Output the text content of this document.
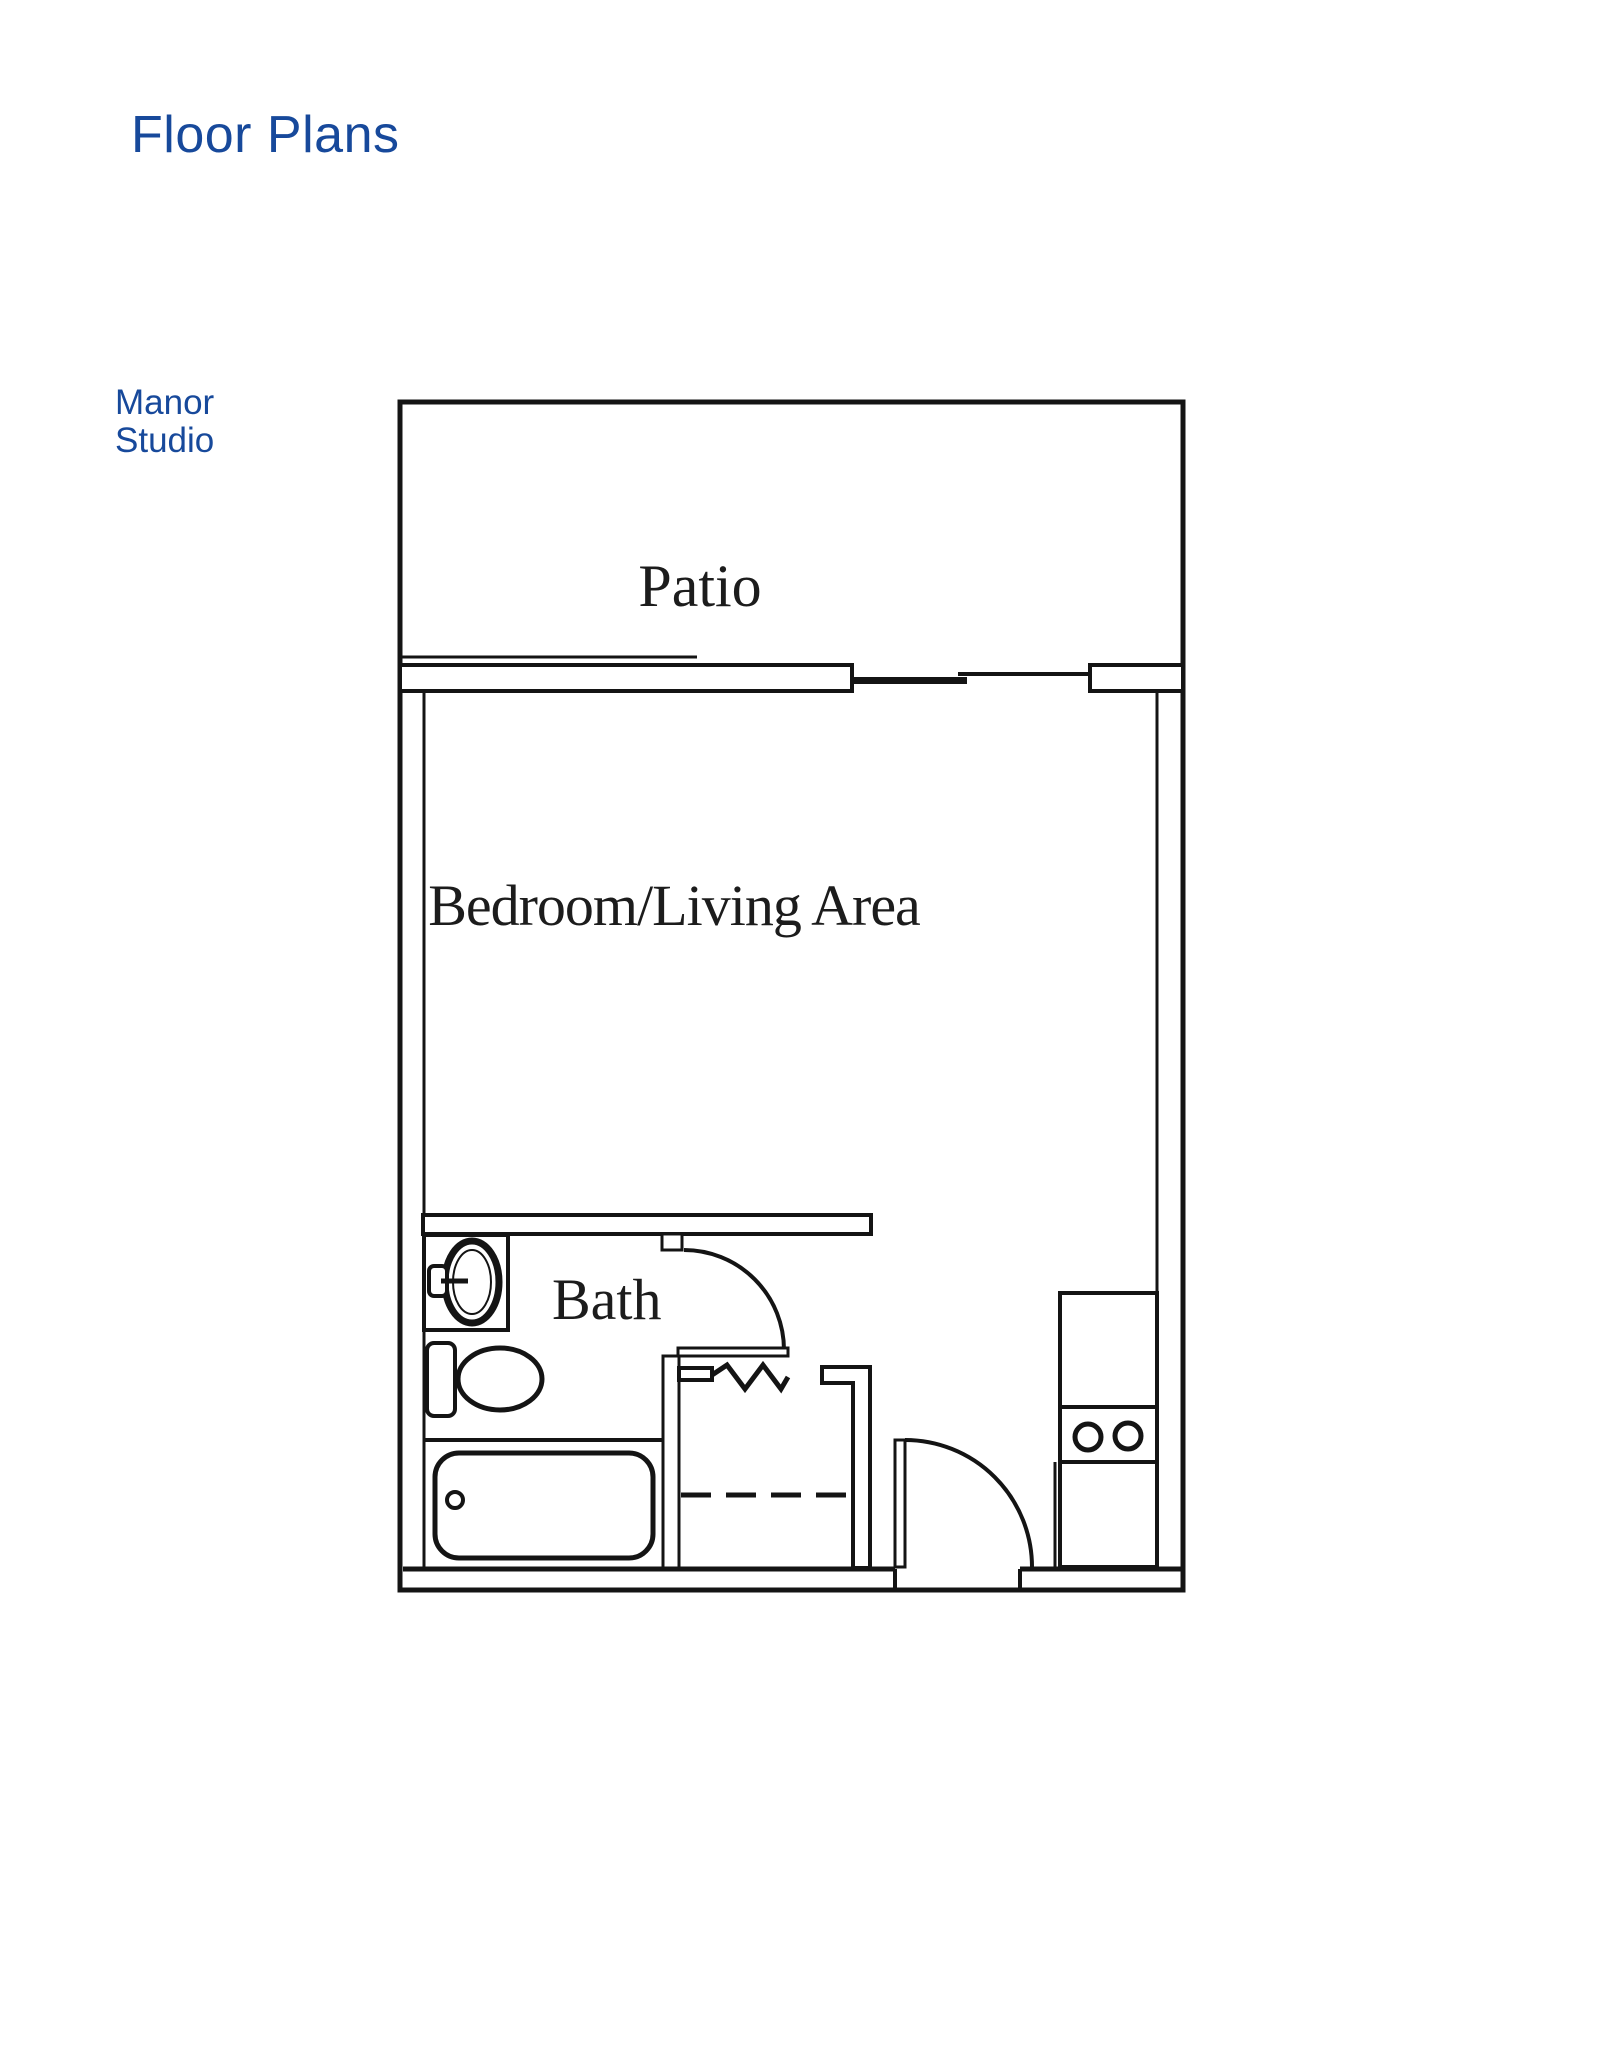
Floor Plans
Manor
Studio
Patio
Bedroom/Living Area
Bath
